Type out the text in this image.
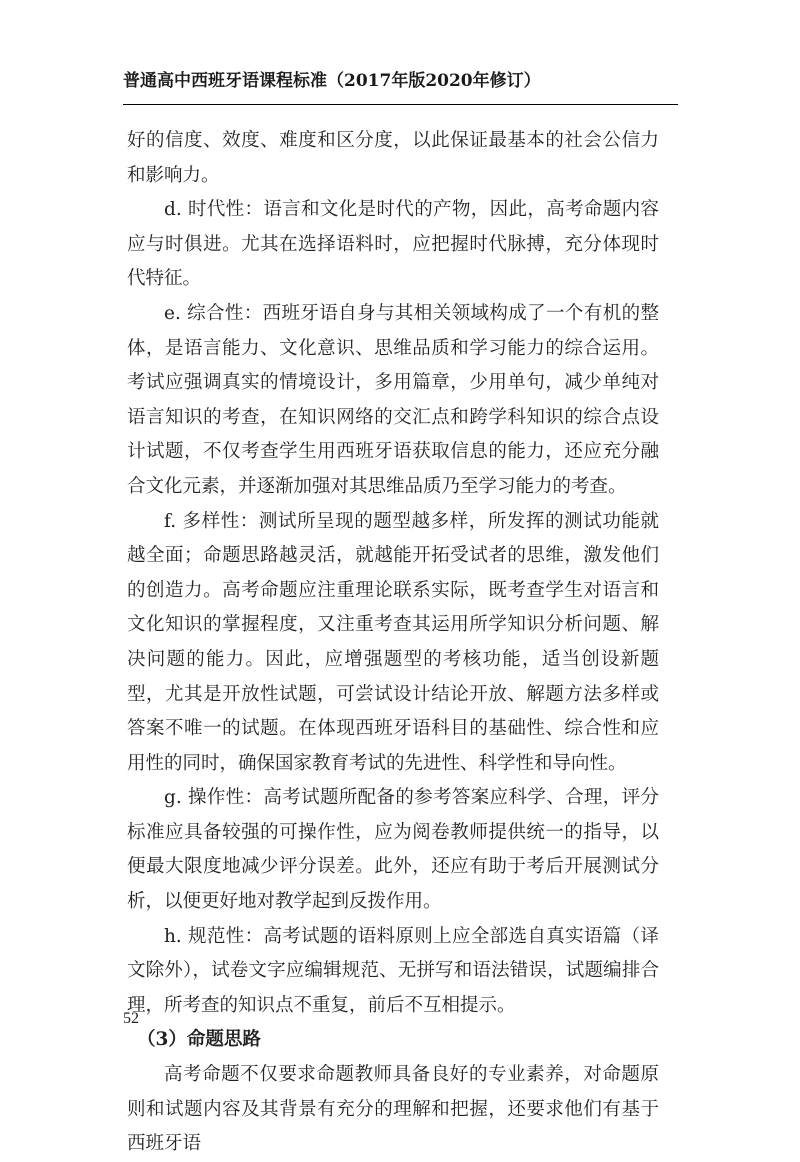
普通高中西班牙语课程标准（2017年版2020年修订）

好的信度、效度、难度和区分度，以此保证最基本的社会公信力和影响力。

d. 时代性：语言和文化是时代的产物，因此，高考命题内容应与时俱进。尤其在选择语料时，应把握时代脉搏，充分体现时代特征。

e. 综合性：西班牙语自身与其相关领域构成了一个有机的整体，是语言能力、文化意识、思维品质和学习能力的综合运用。考试应强调真实的情境设计，多用篇章，少用单句，减少单纯对语言知识的考查，在知识网络的交汇点和跨学科知识的综合点设计试题，不仅考查学生用西班牙语获取信息的能力，还应充分融合文化元素，并逐渐加强对其思维品质乃至学习能力的考查。

f. 多样性：测试所呈现的题型越多样，所发挥的测试功能就越全面；命题思路越灵活，就越能开拓受试者的思维，激发他们的创造力。高考命题应注重理论联系实际，既考查学生对语言和文化知识的掌握程度，又注重考查其运用所学知识分析问题、解决问题的能力。因此，应增强题型的考核功能，适当创设新题型，尤其是开放性试题，可尝试设计结论开放、解题方法多样或答案不唯一的试题。在体现西班牙语科目的基础性、综合性和应用性的同时，确保国家教育考试的先进性、科学性和导向性。

g. 操作性：高考试题所配备的参考答案应科学、合理，评分标准应具备较强的可操作性，应为阅卷教师提供统一的指导，以便最大限度地减少评分误差。此外，还应有助于考后开展测试分析，以便更好地对教学起到反拨作用。

h. 规范性：高考试题的语料原则上应全部选自真实语篇（译文除外），试卷文字应编辑规范、无拼写和语法错误，试题编排合理，所考查的知识点不重复，前后不互相提示。

（3）命题思路

高考命题不仅要求命题教师具备良好的专业素养，对命题原则和试题内容及其背景有充分的理解和把握，还要求他们有基于西班牙语

52
